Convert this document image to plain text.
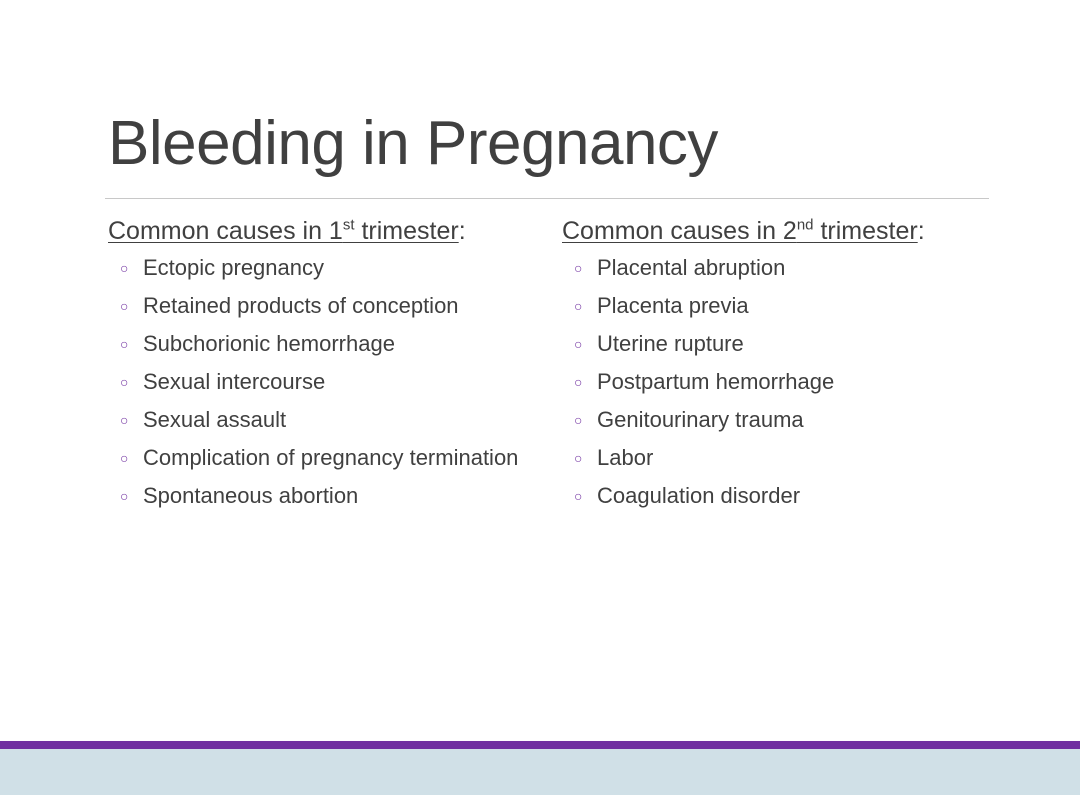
Bleeding in Pregnancy
Common causes in 1st trimester:
○ Ectopic pregnancy
○ Retained products of conception
○ Subchorionic hemorrhage
○ Sexual intercourse
○ Sexual assault
○ Complication of pregnancy termination
○ Spontaneous abortion
Common causes in 2nd trimester:
○ Placental abruption
○ Placenta previa
○ Uterine rupture
○ Postpartum hemorrhage
○ Genitourinary trauma
○ Labor
○ Coagulation disorder
